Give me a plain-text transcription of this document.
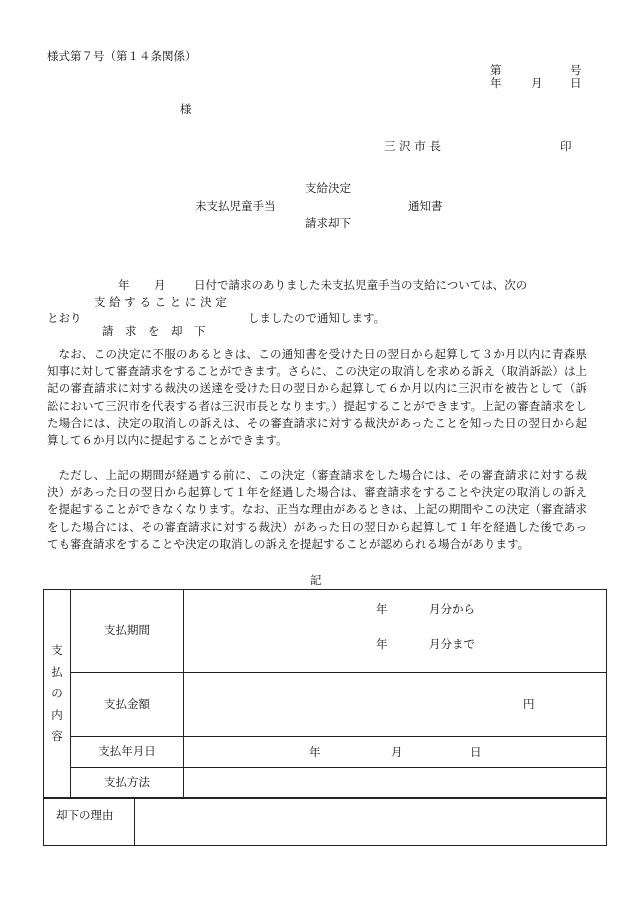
様式第７号（第１４条関係）
第	号
年	月 日
様
三 沢 市 長	印
支給決定
未支払児童手当	通知書
請求却下
年 月 日付で請求のありました未支払児童手当の支給については、次の
支 給 す る こ と に 決 定
とおり	しましたので通知します。
請　求　を　却　下
なお、この決定に不服のあるときは、この通知書を受けた日の翌日から起算して３か月以内に青森県知事に対して審査請求をすることができます。さらに、この決定の取消しを求める訴え（取消訴訟）は上記の審査請求に対する裁決の送達を受けた日の翌日から起算して６か月以内に三沢市を被告として（訴訟において三沢市を代表する者は三沢市長となります。）提起することができます。上記の審査請求をした場合には、決定の取消しの訴えは、その審査請求に対する裁決があったことを知った日の翌日から起算して６か月以内に提起することができます。
ただし、上記の期間が経過する前に、この決定（審査請求をした場合には、その審査請求に対する裁決）があった日の翌日から起算して１年を経過した場合は、審査請求をすることや決定の取消しの訴えを提起することができなくなります。なお、正当な理由があるときは、上記の期間やこの決定（審査請求をした場合には、その審査請求に対する裁決）があった日の翌日から起算して１年を経過した後であっても審査請求をすることや決定の取消しの訴えを提起することが認められる場合があります。
記
支
払
の
内
容	支払期間	年 月分から
年 月分まで

	支払金額	円

	支払年月日	年 月 日

	支払方法	
却下の理由	
